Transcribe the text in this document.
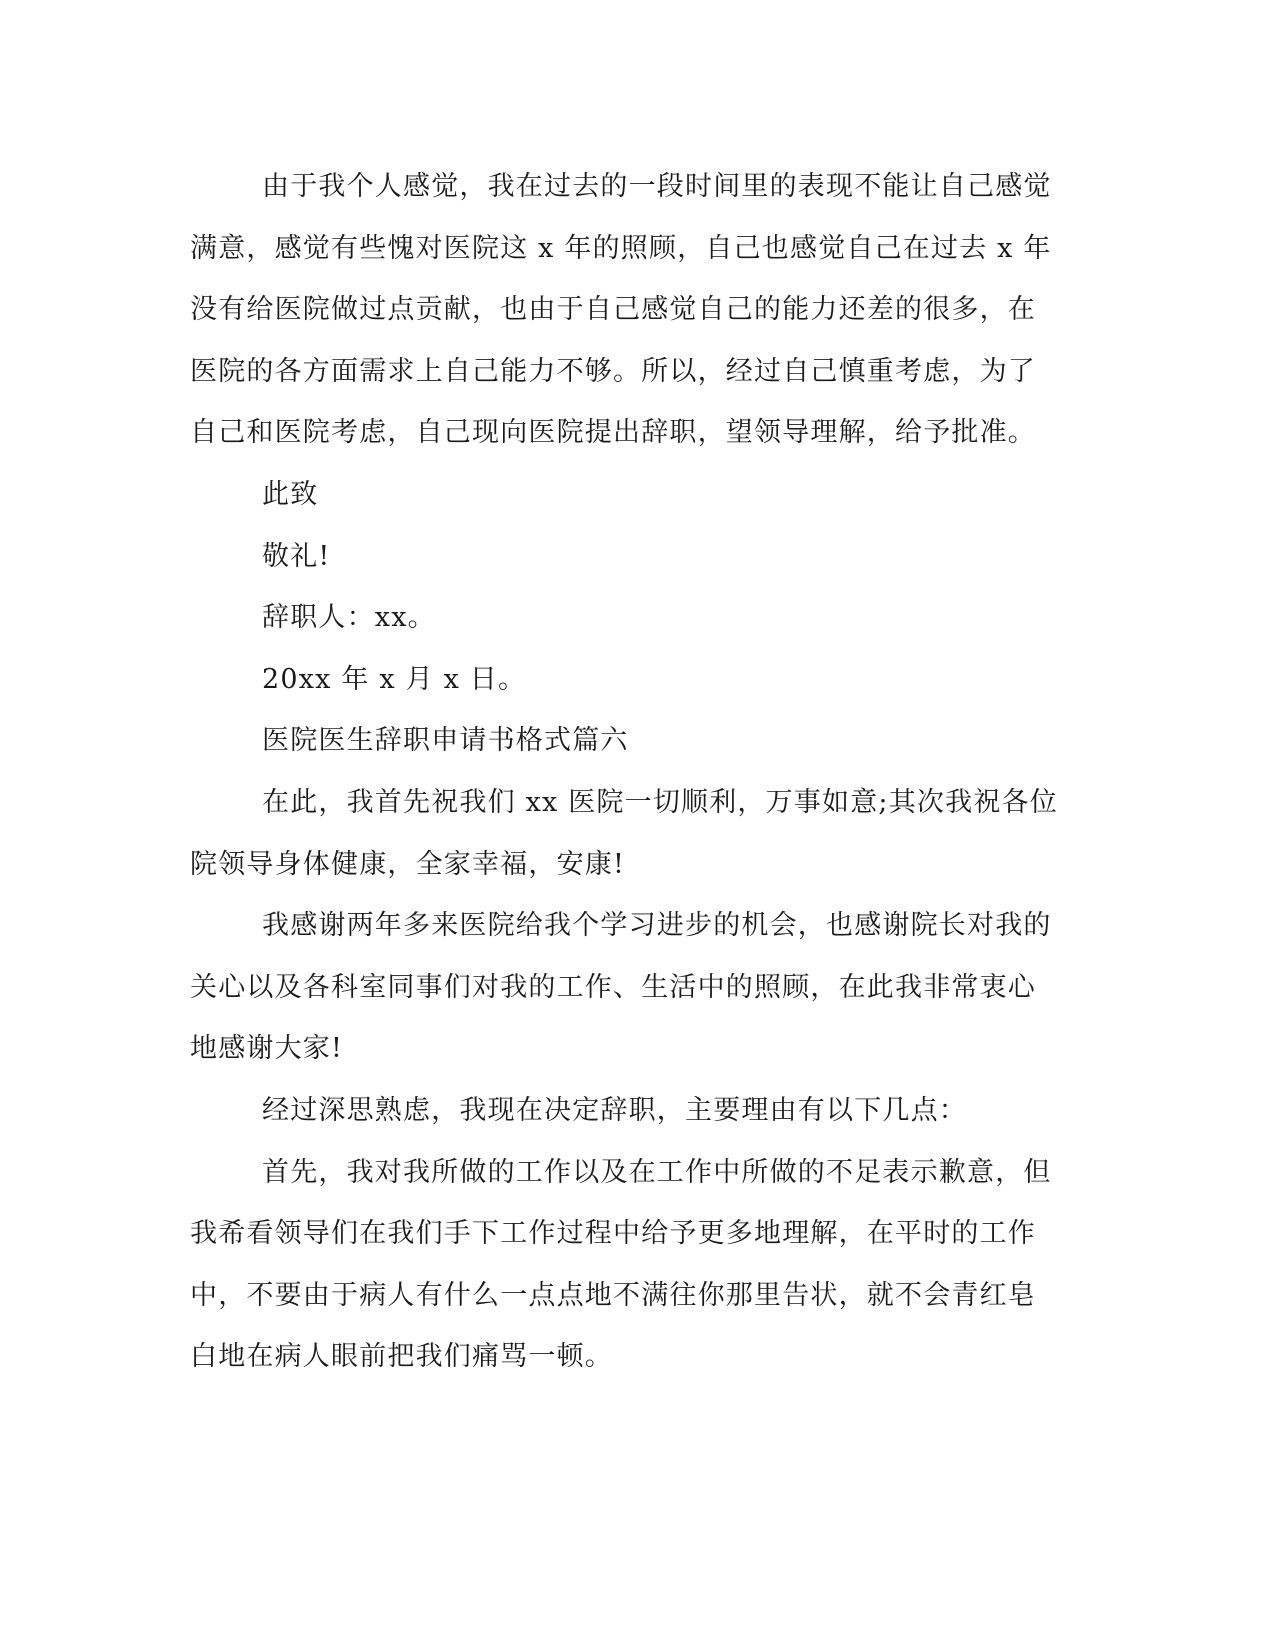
由于我个人感觉，我在过去的一段时间里的表现不能让自己感觉
满意，感觉有些愧对医院这 x 年的照顾，自己也感觉自己在过去 x 年
没有给医院做过点贡献，也由于自己感觉自己的能力还差的很多，在
医院的各方面需求上自己能力不够。所以，经过自己慎重考虑，为了
自己和医院考虑，自己现向医院提出辞职，望领导理解，给予批准。
此致
敬礼!
辞职人：xx。
20xx 年 x 月 x 日。
医院医生辞职申请书格式篇六
在此，我首先祝我们 xx 医院一切顺利，万事如意;其次我祝各位
院领导身体健康，全家幸福，安康!
我感谢两年多来医院给我个学习进步的机会，也感谢院长对我的
关心以及各科室同事们对我的工作、生活中的照顾，在此我非常衷心
地感谢大家!
经过深思熟虑，我现在决定辞职，主要理由有以下几点：
首先，我对我所做的工作以及在工作中所做的不足表示歉意，但
我希看领导们在我们手下工作过程中给予更多地理解，在平时的工作
中，不要由于病人有什么一点点地不满往你那里告状，就不会青红皂
白地在病人眼前把我们痛骂一顿。
